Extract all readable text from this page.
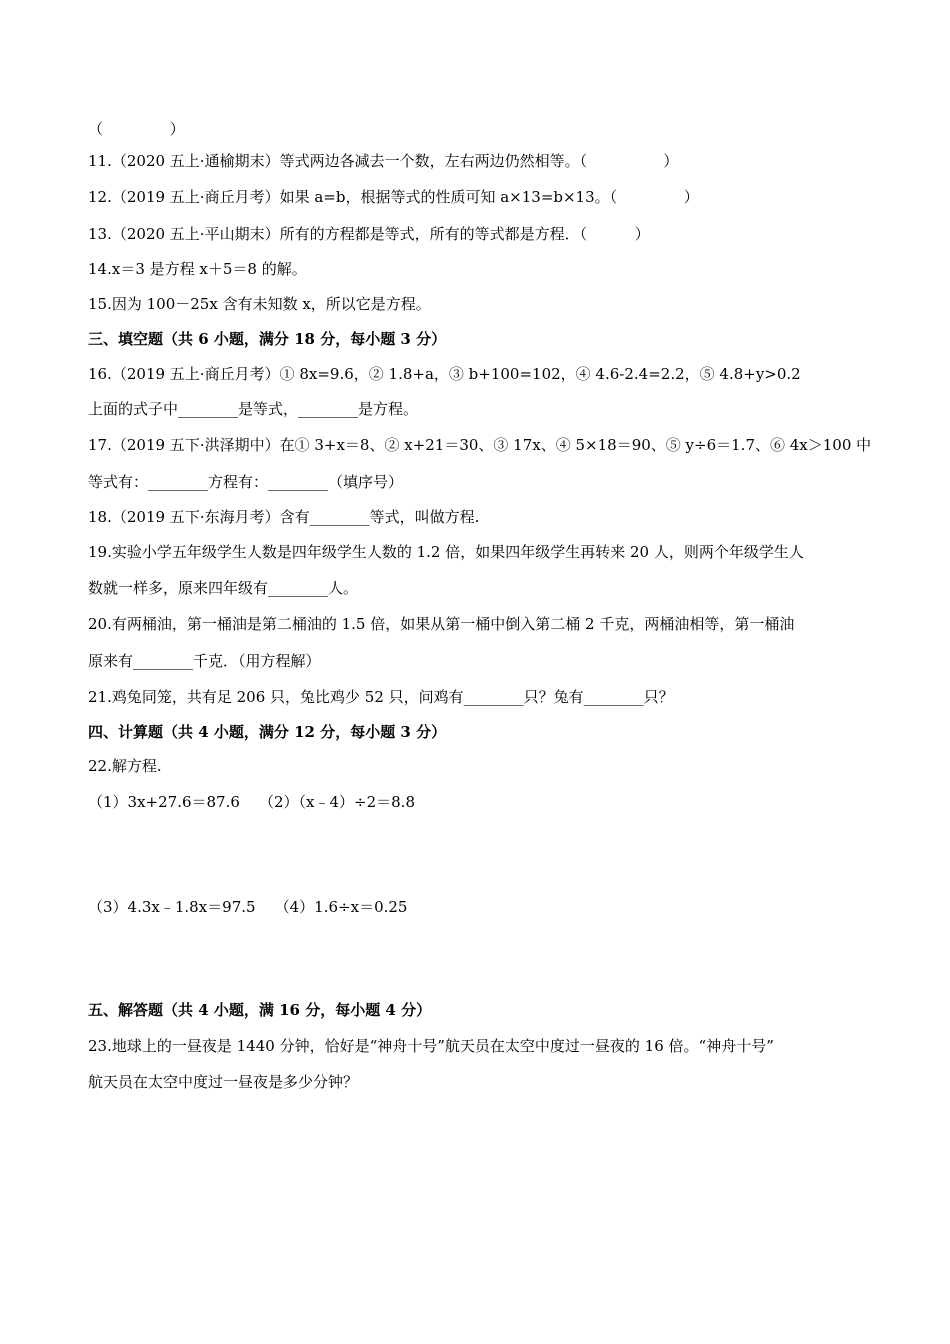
（              ）
11.（2020 五上·通榆期末）等式两边各减去一个数，左右两边仍然相等。（                ）
12.（2019 五上·商丘月考）如果 a=b，根据等式的性质可知 a×13=b×13。（              ）
13.（2020 五上·平山期末）所有的方程都是等式，所有的等式都是方程．（          ）
14.x＝3 是方程 x＋5＝8 的解。
15.因为 100－25x 含有未知数 x，所以它是方程。
三、填空题（共 6 小题，满分 18 分，每小题 3 分）
16.（2019 五上·商丘月考）① 8x=9.6，② 1.8+a，③ b+100=102，④ 4.6-2.4=2.2，⑤ 4.8+y>0.2
上面的式子中________是等式，________是方程。
17.（2019 五下·洪泽期中）在① 3+x＝8、② x+21＝30、③ 17x、④ 5×18＝90、⑤ y÷6＝1.7、⑥ 4x＞100 中
等式有：________方程有：________（填序号）
18.（2019 五下·东海月考）含有________等式，叫做方程.
19.实验小学五年级学生人数是四年级学生人数的 1.2 倍，如果四年级学生再转来 20 人，则两个年级学生人
数就一样多，原来四年级有________人。
20.有两桶油，第一桶油是第二桶油的 1.5 倍，如果从第一桶中倒入第二桶 2 千克，两桶油相等，第一桶油
原来有________千克．（用方程解）
21.鸡兔同笼，共有足 206 只，兔比鸡少 52 只，问鸡有________只？兔有________只？
四、计算题（共 4 小题，满分 12 分，每小题 3 分）
22.解方程.
（1）3x+27.6＝87.6    （2）（x﹣4）÷2＝8.8
（3）4.3x﹣1.8x＝97.5    （4）1.6÷x＝0.25
五、解答题（共 4 小题，满 16 分，每小题 4 分）
23.地球上的一昼夜是 1440 分钟，恰好是“神舟十号”航天员在太空中度过一昼夜的 16 倍。“神舟十号”
航天员在太空中度过一昼夜是多少分钟？
